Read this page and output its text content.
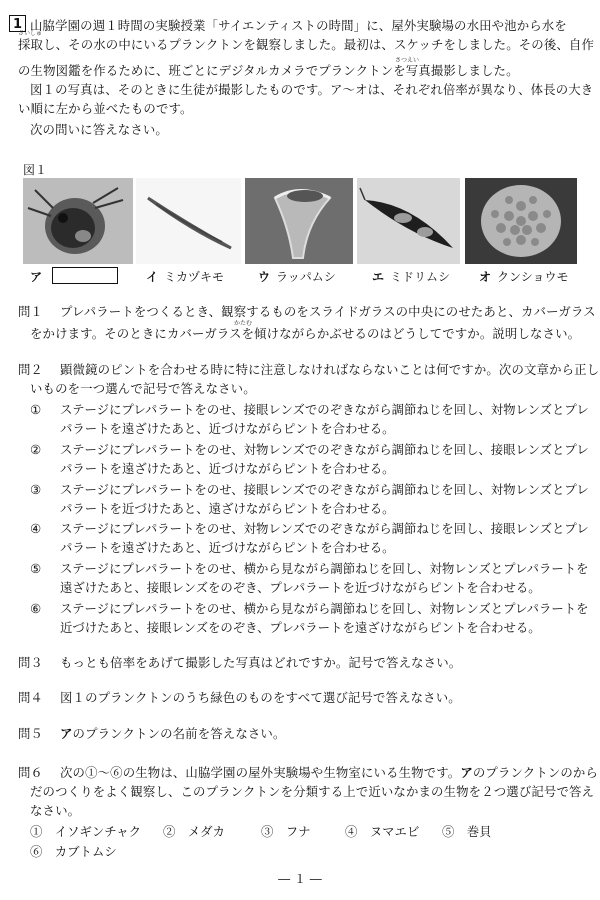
1
さいしゅ
さつえい
山脇学園の週１時間の実験授業「サイエンティストの時間」に、屋外実験場の水田や池から水を
採取し、その水の中にいるプランクトンを観察しました。最初は、スケッチをしました。その後、自作
の生物図鑑を作るために、班ごとにデジタルカメラでプランクトンを写真撮影しました。
図１の写真は、そのときに生徒が撮影したものです。ア～オは、それぞれ倍率が異なり、体長の大き
い順に左から並べたものです。
次の問いに答えなさい。
図１
ア	イ ミカヅキモ	ウ ラッパムシ	エ ミドリムシ オ クンショウモ
問１ プレパラートをつくるとき、観察するものをスライドガラスの中央にのせたあと、カバーガラス
かたむ
をかけます。そのときにカバーガラスを傾けながらかぶせるのはどうしてですか。説明しなさい。
問２ 顕微鏡のピントを合わせる時に特に注意しなければならないことは何ですか。次の文章から正し
いものを一つ選んで記号で答えなさい。
① ステージにプレパラートをのせ、接眼レンズでのぞきながら調節ねじを回し、対物レンズとプレ
パラートを遠ざけたあと、近づけながらピントを合わせる。
② ステージにプレパラートをのせ、対物レンズでのぞきながら調節ねじを回し、接眼レンズとプレ
パラートを遠ざけたあと、近づけながらピントを合わせる。
③ ステージにプレパラートをのせ、接眼レンズでのぞきながら調節ねじを回し、対物レンズとプレ
パラートを近づけたあと、遠ざけながらピントを合わせる。
④ ステージにプレパラートをのせ、対物レンズでのぞきながら調節ねじを回し、接眼レンズとプレ
パラートを遠ざけたあと、近づけながらピントを合わせる。
⑤ ステージにプレパラートをのせ、横から見ながら調節ねじを回し、対物レンズとプレパラートを
遠ざけたあと、接眼レンズをのぞき、プレパラートを近づけながらピントを合わせる。
⑥ ステージにプレパラートをのせ、横から見ながら調節ねじを回し、対物レンズとプレパラートを
近づけたあと、接眼レンズをのぞき、プレパラートを遠ざけながらピントを合わせる。
問３ もっとも倍率をあげて撮影した写真はどれですか。記号で答えなさい。
問４ 図１のプランクトンのうち緑色のものをすべて選び記号で答えなさい。
問５ アのプランクトンの名前を答えなさい。
問６ 次の①～⑥の生物は、山脇学園の屋外実験場や生物室にいる生物です。アのプランクトンのから
だのつくりをよく観察し、このプランクトンを分類する上で近いなかまの生物を２つ選び記号で答え
なさい。
①　 イソギンチャク ②　 メダカ	③　 フナ	④　 ヌマエビ ⑤　 巻貝
⑥　 カブトムシ
― １ ―
